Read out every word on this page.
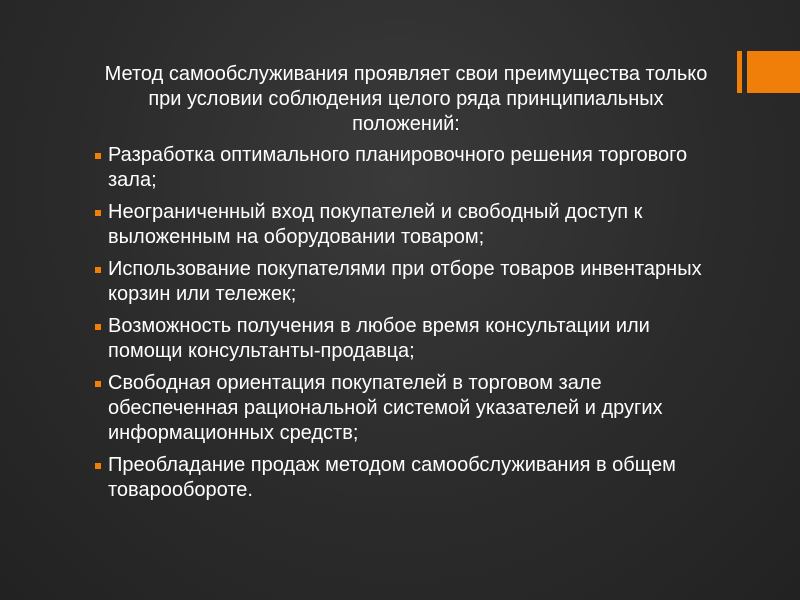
Метод самообслуживания проявляет свои преимущества только при условии соблюдения целого ряда принципиальных положений:

Разработка оптимального планировочного решения торгового зала;
Неограниченный вход покупателей и свободный доступ к выложенным на оборудовании товаром;
Использование покупателями при отборе товаров инвентарных корзин или тележек;
Возможность получения в любое время консультации или помощи консультанты-продавца;
Свободная ориентация покупателей в торговом зале обеспеченная рациональной системой указателей и других информационных средств;
Преобладание продаж методом самообслуживания в общем товарообороте.
